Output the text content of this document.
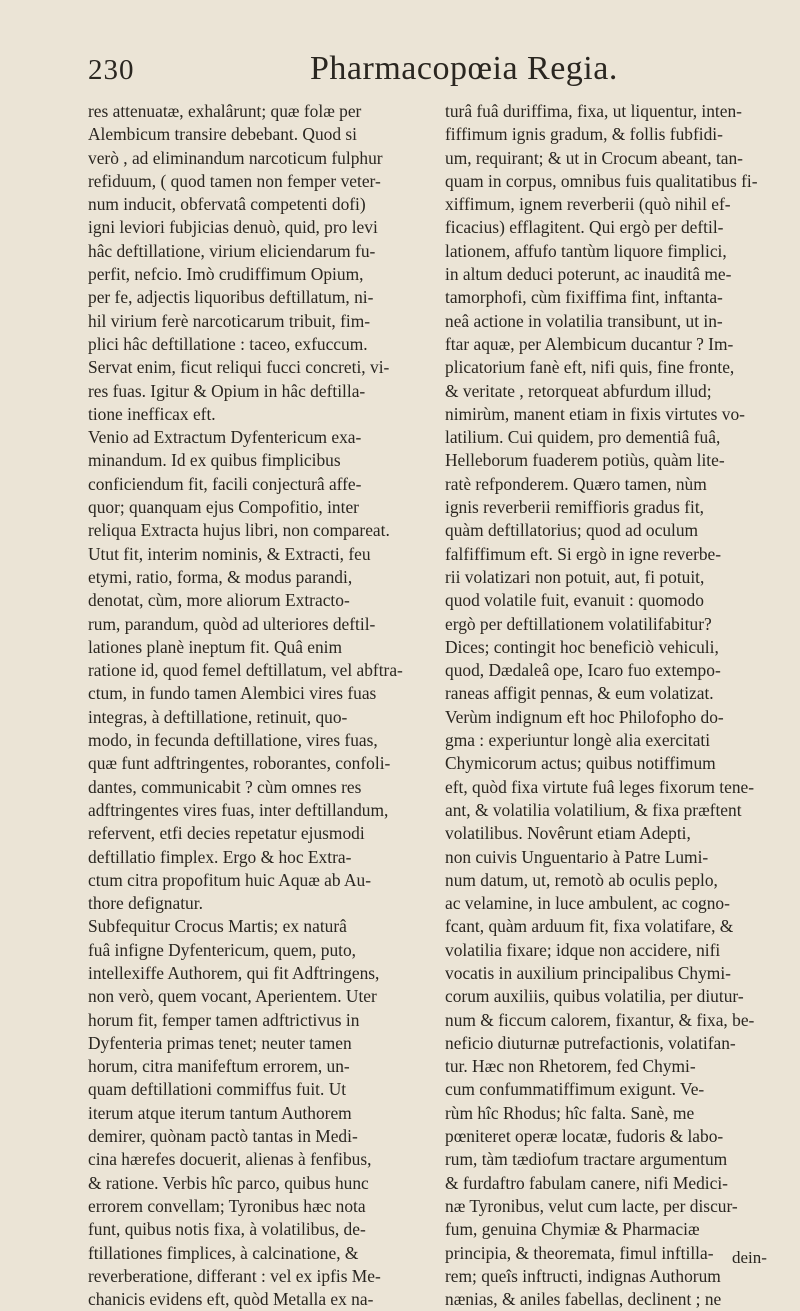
230	Pharmacopœia Regia.
res attenuatæ, exhalârunt; quæ folæ per
Alembicum transire debebant. Quod si
verò , ad eliminandum narcoticum fulphur
refiduum, ( quod tamen non femper veter-
num inducit, obfervatâ competenti dofi)
igni leviori fubjicias denuò, quid, pro levi
hâc deftillatione, virium eliciendarum fu-
perfit, nefcio. Imò crudiffimum Opium,
per fe, adjectis liquoribus deftillatum, ni-
hil virium ferè narcoticarum tribuit, fim-
plici hâc deftillatione : taceo, exfuccum.
Servat enim, ficut reliqui fucci concreti, vi-
res fuas. Igitur & Opium in hâc deftilla-
tione inefficax eft.
Venio ad Extractum Dyfentericum exa-
minandum. Id ex quibus fimplicibus
conficiendum fit, facili conjecturâ affe-
quor; quanquam ejus Compofitio, inter
reliqua Extracta hujus libri, non compareat.
Utut fit, interim nominis, & Extracti, feu
etymi, ratio, forma, & modus parandi,
denotat, cùm, more aliorum Extracto-
rum, parandum, quòd ad ulteriores deftil-
lationes planè ineptum fit. Quâ enim
ratione id, quod femel deftillatum, vel abftra-
ctum, in fundo tamen Alembici vires fuas
integras, à deftillatione, retinuit, quo-
modo, in fecunda deftillatione, vires fuas,
quæ funt adftringentes, roborantes, confoli-
dantes, communicabit ? cùm omnes res
adftringentes vires fuas, inter deftillandum,
refervent, etfi decies repetatur ejusmodi
deftillatio fimplex. Ergo & hoc Extra-
ctum citra propofitum huic Aquæ ab Au-
thore defignatur.
Subfequitur Crocus Martis; ex naturâ
fuâ infigne Dyfentericum, quem, puto,
intellexiffe Authorem, qui fit Adftringens,
non verò, quem vocant, Aperientem. Uter
horum fit, femper tamen adftrictivus in
Dyfenteria primas tenet; neuter tamen
horum, citra manifeftum errorem, un-
quam deftillationi commiffus fuit. Ut
iterum atque iterum tantum Authorem
demirer, quònam pactò tantas in Medi-
cina hærefes docuerit, alienas à fenfibus,
& ratione. Verbis hîc parco, quibus hunc
errorem convellam; Tyronibus hæc nota
funt, quibus notis fixa, à volatilibus, de-
ftillationes fimplices, à calcinatione, &
reverberatione, differant : vel ex ipfis Me-
chanicis evidens eft, quòd Metalla ex na-
turâ fuâ duriffima, fixa, ut liquentur, inten-
fiffimum ignis gradum, & follis fubfidi-
um, requirant; & ut in Crocum abeant, tan-
quam in corpus, omnibus fuis qualitatibus fi-
xiffimum, ignem reverberii (quò nihil ef-
ficacius) efflagitent. Qui ergò per deftil-
lationem, affufo tantùm liquore fimplici,
in altum deduci poterunt, ac inauditâ me-
tamorphofi, cùm fixiffima fint, inftanta-
neâ actione in volatilia transibunt, ut in-
ftar aquæ, per Alembicum ducantur ? Im-
plicatorium fanè eft, nifi quis, fine fronte,
& veritate , retorqueat abfurdum illud;
nimirùm, manent etiam in fixis virtutes vo-
latilium. Cui quidem, pro dementiâ fuâ,
Helleborum fuaderem potiùs, quàm lite-
ratè refponderem. Quæro tamen, nùm
ignis reverberii remiffioris gradus fit,
quàm deftillatorius; quod ad oculum
falfiffimum eft. Si ergò in igne reverbe-
rii volatizari non potuit, aut, fi potuit,
quod volatile fuit, evanuit : quomodo
ergò per deftillationem volatilifabitur?
Dices; contingit hoc beneficiò vehiculi,
quod, Dædaleâ ope, Icaro fuo extempo-
raneas affigit pennas, & eum volatizat.
Verùm indignum eft hoc Philofopho do-
gma : experiuntur longè alia exercitati
Chymicorum actus; quibus notiffimum
eft, quòd fixa virtute fuâ leges fixorum tene-
ant, & volatilia volatilium, & fixa præftent
volatilibus. Novêrunt etiam Adepti,
non cuivis Unguentario à Patre Lumi-
num datum, ut, remotò ab oculis peplo,
ac velamine, in luce ambulent, ac cogno-
fcant, quàm arduum fit, fixa volatifare, &
volatilia fixare; idque non accidere, nifi
vocatis in auxilium principalibus Chymi-
corum auxiliis, quibus volatilia, per diutur-
num & ficcum calorem, fixantur, & fixa, be-
neficio diuturnæ putrefactionis, volatifan-
tur. Hæc non Rhetorem, fed Chymi-
cum confummatiffimum exigunt. Ve-
rùm hîc Rhodus; hîc falta. Sanè, me
pœniteret operæ locatæ, fudoris & labo-
rum, tàm tædiofum tractare argumentum
& furdaftro fabulam canere, nifi Medici-
næ Tyronibus, velut cum lacte, per discur-
fum, genuina Chymiæ & Pharmaciæ
principia, & theoremata, fimul inftilla-
rem; queîs inftructi, indignas Authorum
nænias, & aniles fabellas, declinent ; ne
dein-
